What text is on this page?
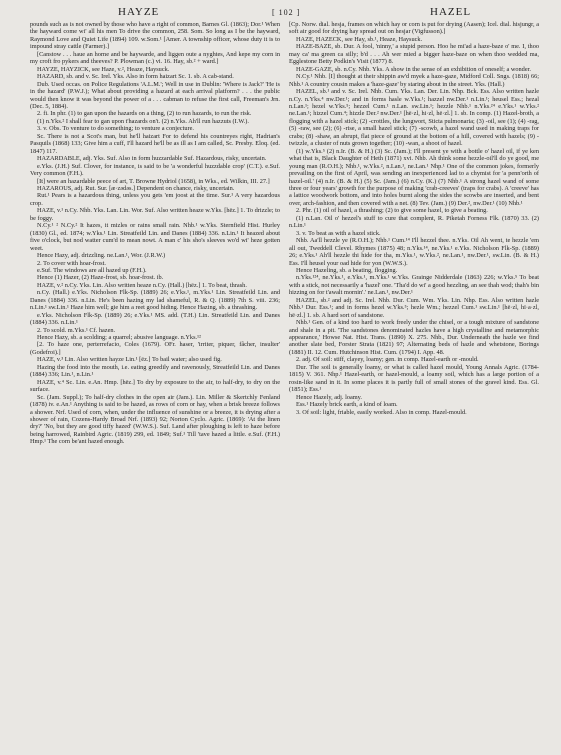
HAYZE	[ 102 ]	HAZEL

pounds such as is not owned by those who have a right of common, Barnes Gl. (1863); Dor.¹ When the hayward come wi' all his men To drive the common, 258. Som. So long as I be the hayward, Raymond Love and Quiet Life (1894) 109. w.Som.¹ [Amer. A township officer, whose duty it is to impound stray cattle (Farmer).]

[Canstow . . . haue an horne and be haywarde, and liggen oute a nyghtes, And kepe my corn in my croft fro pykers and theeves? P. Plowman (c.) vi. 16. Hay, sb.² + ward.]

HAYZE, HAYZICK, see Haze, v.², Heaze, Haysuck.

HAZARD, sb. and v. Sc. Irel. Yks. Also in form haizart Sc. 1. sb. A cab-stand.

Dub. Used occas. on Police Regulations 'A.L.M.'; Well in use in Dublin: 'Where is Jack?' 'He is in the hazard' (P.W.J.); What about providing a hazard at each arrival platform? . . . the public would then know it was beyond the power of a . . . cabman to refuse the first call, Freeman's Jrn. (Dec. 5, 1884).

2. fi. In phr. (1) to gan upon the hazards on a thing, (2) to run hazards, to run the risk.

(1) n.Yks.² I shall fear to gan upon t'hazards on't. (2) n.Yks. Ah'll run hazzuts (I.W.).

3. v. Obs. To venture to do something; to venture a conjecture.

Sc. There is not a Scot's man, but he'll haizart For to defend his countreyes right, Hadrian's Pasquils (1868) 133; Give him a cuff, I'll hazard he'll be as ill as I am called, Sc. Presby. Eloq. (ed. 1847) 117.

HAZARDABLE, adj. Yks. Suf. Also in form huzzardable Suf. Hazardous, risky, uncertain.

e.Yks. (J.H.) Suf. Clover, for instance, is said to be 'a wonderful huzzdable crop' (C.T.). e.Suf. Very common (F.H.).

[It] were an hazardable peece of art, T. Browne Hydriol (1658), in Wks., ed. Wilkin, III. 27.]

HAZAROUS, adj. Rut. Sur. [æ·zədəs.] Dependent on chance, risky, uncertain.

Rut.¹ Pears is a hazardous thing, unless you gets 'em joost at the time. Sur.¹ A very hazardous crop.

HAZE, v.¹ n.Cy. Nhb. Yks. Lan. Lin. Wor. Suf. Also written heaze w.Yks. [hēz.] 1. To drizzle; to be foggy.

N.Cy.¹ ² N.Cy.² It hazes, it mizles or rains small rain. Nhb.¹ w.Yks. Sternfield Hist. Hurley (1830) Gl., ed. 1874; w.Yks.¹ Lin. Streatfeild Lin. and Danes (1884) 336. n.Lin.¹ It heazed about five o'clock, but nod watter cum'd to mean nowt. A man c' his sho's sleeves wo'd wi' heze gotten weet.

Hence Hazy, adj. drizzling. ne.Lan.¹, Wor. (J.R.W.)

2. To cover with hoar-frost.

e.Suf. The windows are all hazed up (F.H.).

Hence (1) Hazer, (2) Haze-frost, sb. hoar-frost. ib.

HAZE, v.² n.Cy. Yks. Lin. Also written heaze n.Cy. (Hall.) [hēz.] 1. To beat, thrash.

n.Cy. (Hall.) e.Yks. Nicholson Flk-Sp. (1889) 26; e.Yks.¹, m.Yks.¹ Lin. Streatfeild Lin. and Danes (1884) 336. n.Lin. He's been hazing my lad shameful, R. & Q. (1889) 7th S. viii. 236; n.Lin.¹ sw.Lin.¹ Haze him well; gie him a reet good hiding. Hence Hazing, sb. a thrashing.

e.Yks. Nicholson Flk-Sp. (1889) 26; e.Yks.¹ MS. add. (T.H.) Lin. Streatfeild Lin. and Danes (1884) 336. n.Lin.¹

2. To scold. m.Yks.¹ Cf. hazen.

Hence Hazy, sb. a scolding; a quarrel; abusive language. n.Yks.¹²

[2. To haze one, perterrefacio, Coles (1679). OFr. haser, 'irriter, piquer, fâcher, insulter' (Godefroi).]

HAZE, v.³ Lin. Also written hayze Lin.¹ [ēz.] To bail water; also used fig.

Hazing the food into the mouth, i.e. eating greedily and ravenously, Streatfeild Lin. and Danes (1884) 336; Lin.¹, n.Lin.¹

HAZE, v.⁴ Sc. Lin. e.An. Hmp. [hēz.] To dry by exposure to the air, to half-dry, to dry on the surface.

Sc. (Jam. Suppl.); To half-dry clothes in the open air (Jam.). Lin. Miller & Skertchly Fenland (1878) iv. e.An.¹ Anything is said to be hazed, as rows of corn or hay, when a brisk breeze follows a shower. Nrf. Used of corn, when, under the influence of sunshine or a breeze, it is drying after a shower of rain, Cozens-Hardy Broad Nrf. (1893) 92; Norton Cyclo. Agric. (1869): 'At the linen dry?' 'No, but they are good tiffy hazed' (W.W.S.). Suf. Land after ploughing is left to haze before being harrowed, Rainbird Agric. (1819) 299, ed. 1849; Suf.¹ Till 'tave hazed a little. e.Suf. (F.H.) Hmp.¹ The corn be'ant hazed enough.

[Cp. Norw. dial. hesja, frames on which hay or corn is put for drying (Aasen); Icel. dial. hisjungr, a soft air good for drying hay spread out on hesjar (Vigfusson).]

HAZE, HAZECK, see Hay, sb.¹, Heaze, Haysuck.

HAZE-BAZE, sb. Dur. A fool, 'ninny,' a stupid person. Hoo he mi'ad a haze-baze o' me. I, thoo may ca' ma green ca silly; b'd . . . Ah wer mied a bigger haze-baze on when thoo wedded ma, Egglestone Betty Podkin's Visit (1877) 8.

HAZE-GAZE, sb. n.Cy. Nhb. Yks. A show in the sense of an exhibition of oneself; a wonder.

N.Cy.¹ Nhb. [I] thought at their shippin aw'd myek a haze-gaze, Midford Coll. Sngs. (1818) 66; Nhb.¹ A country cousin makes a 'haze-gaze' by staring about in the street. Yks. (Hall.)

HAZEL, sb.¹ and v. Sc. Irel. Nhb. Cum. Yks. Lan. Der. Lin. Nhp. Bck. Ess. Also written hazle n.Cy. n.Yks.⁴ nw.Der.¹; and in forms hasle w.Yks.¹; hazzel nw.Der.¹ n.Lin.¹; heusel Ess.; hezal n.Lan.¹; hezel w.Yks.⁵; hezzel Cum.¹ n.Lan. sw.Lin.¹; hezzle Nhb.¹ n.Yks.²⁴ e.Yks.¹ w.Yks.² ne.Lan.¹; hizzel Cum.⁴; hizzle Der.² nw.Der.¹ [hē·zl, hi·zl, hē·zl.] 1. sb. In comp. (1) Hazel-broth, a flogging with a hazel stick; (2) -crottles, the lungwort, Sticta pulmonaria; (3) -oil, see (1); (4) -rag, (5) -raw, see (2); (6) -rise, a small hazel stick; (7) -scowb, a hazel wand used in making traps for crabs; (8) -shaw, an abrupt, flat piece of ground at the bottom of a hill, covered with hazels; (9) -twizzle, a cluster of nuts grown together; (10) -wan, a shoot of hazel.

(1) w.Yks.⁵ (2) n.Ir. (B. & H.) (3) Sc. (Jam.); I'll present ye with a bottle o' hazel oil, if ye ken what that is, Black Daughter of Heth (1871) xvi. Nhb. Ah think some hezzle-oil'll do ye good, me young man (R.O.H.); Nhb.¹, w.Yks.², n.Lan.¹, ne.Lan.¹ Nhp.¹ One of the common jokes, formerly prevailing on the first of April, was sending an inexperienced lad to a chymist for 'a penn'orth of hazel-oil.' (4) n.Ir. (B. & H.) (5) Sc. (Jam.) (6) n.Cy. (K.) (7) Nhb.¹ A strong hazel wand of some three or four years' growth for the purpose of making 'crab-creeves' (traps for crabs). A 'creeve' has a lattice woodwork bottom, and into holes burnt along the sides the scowbs are inserted, and bent over, arch-fashion, and then covered with a net. (8) Tev. (Jam.) (9) Der.², nw.Der.¹ (10) Nhb.¹

2. Phr. (1) oil of hazel, a thrashing; (2) to give some hazel, to give a beating.

(1) n.Lan. Oil o' hezzel's stuff to cure that complent, R. Piketah Forness Flk. (1870) 33. (2) n.Lin.¹

3. v. To beat as with a hazel stick.

Nhb. Aa'll hezzle ye (R.O.H.); Nhb.¹ Cum.¹⁴ I'll hezzel thee. n.Yks. Oil Ah went, te hezzle 'em all out, Tweddell Clevel. Rhymes (1875) 48; n.Yks.¹⁴, ne.Yks.¹ e.Yks. Nicholson Flk-Sp. (1889) 26; e.Yks.¹ Ah'll hezzle thi hide for tha, m.Yks.¹, w.Yks.², ne.Lan.¹, nw.Der.¹, sw.Lin. (B. & H.) Ess. I'll heusel your oad hide for yon (W.W.S.).

Hence Hazeling, sb. a beating, flogging.

n.Yks.¹²⁴, ne.Yks.¹, e.Yks.¹, m.Yks.¹ w.Yks. Grainge Nidderdale (1863) 226; w.Yks.⁵ To beat with a stick, not necessarily a 'hazel' one. 'Tha'd do wi' a good hezzling, an see thah wod; thah's bin hizzing on for t'awalt mornin'.' ne.Lan.¹, nw.Der.¹

HAZEL, sb.² and adj. Sc. Irel. Nhb. Dur. Cum. Wm. Yks. Lin. Nhp. Ess. Also written hazle Nhb.¹ Dur. Ess.¹; and in forms hezel w.Yks.⁵; hezle Wm.; hezzel Cum.¹ sw.Lin.¹ [hē·zl, hī·a·zl, hē·zl.] 1. sb. A hard sort of sandstone.

Nhb.¹ Gen. of a kind too hard to work freely under the chisel, or a tough mixture of sandstone and shale in a pit. 'The sandstones denominated hazles have a high crystalline and metamorphic appearance,' Howse Nat. Hist. Trans. (1890) X. 275. Nhb., Dur. Underneath the hazle we find another slate bed, Forster Strata (1821) 97; Alternating beds of hazle and whetstone, Borings (1881) II. 12. Cum. Hutchinson Hist. Cum. (1794) I. App. 48.

2. adj. Of soil: stiff, clayey, loamy; gen. in comp. Hazel-earth or -mould.

Dur. The soil is generally loamy, or what is called hazel mould, Young Annals Agric. (1784-1815) V. 361. Nhp.¹ Hazel-earth, or hazel-mould, a loamy soil, which has a large portion of a rosin-like sand in it. In some places it is partly full of small stones of the gravel kind. Ess. Gl. (1851); Ess.¹

Hence Hazely, adj. loamy.

Ess.¹ Hazely brick earth, a kind of loam.

3. Of soil: light, friable, easily worked. Also in comp. Hazel-mould.
